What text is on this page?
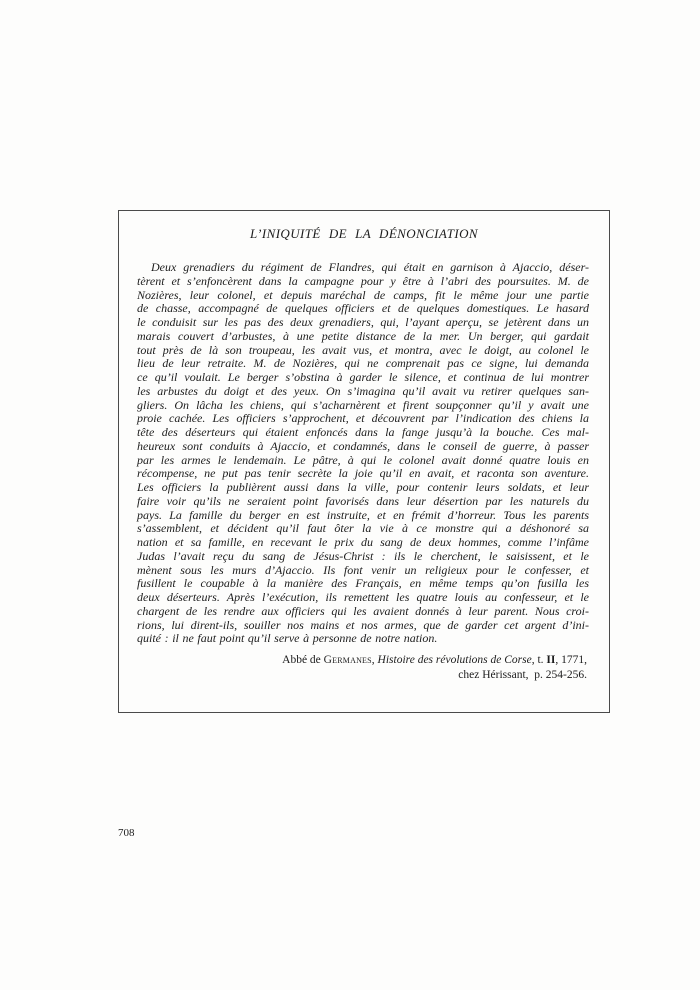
L’INIQUITÉ DE LA DÉNONCIATION
Deux grenadiers du régiment de Flandres, qui était en garnison à Ajaccio, déser-
tèrent et s’enfoncèrent dans la campagne pour y être à l’abri des poursuites. M. de
Nozières, leur colonel, et depuis maréchal de camps, fit le même jour une partie
de chasse, accompagné de quelques officiers et de quelques domestiques. Le hasard
le conduisit sur les pas des deux grenadiers, qui, l’ayant aperçu, se jetèrent dans un
marais couvert d’arbustes, à une petite distance de la mer. Un berger, qui gardait
tout près de là son troupeau, les avait vus, et montra, avec le doigt, au colonel le
lieu de leur retraite. M. de Nozières, qui ne comprenait pas ce signe, lui demanda
ce qu’il voulait. Le berger s’obstina à garder le silence, et continua de lui montrer
les arbustes du doigt et des yeux. On s’imagina qu’il avait vu retirer quelques san-
gliers. On lâcha les chiens, qui s’acharnèrent et firent soupçonner qu’il y avait une
proie cachée. Les officiers s’approchent, et découvrent par l’indication des chiens la
tête des déserteurs qui étaient enfoncés dans la fange jusqu’à la bouche. Ces mal-
heureux sont conduits à Ajaccio, et condamnés, dans le conseil de guerre, à passer
par les armes le lendemain. Le pâtre, à qui le colonel avait donné quatre louis en
récompense, ne put pas tenir secrète la joie qu’il en avait, et raconta son aventure.
Les officiers la publièrent aussi dans la ville, pour contenir leurs soldats, et leur
faire voir qu’ils ne seraient point favorisés dans leur désertion par les naturels du
pays. La famille du berger en est instruite, et en frémit d’horreur. Tous les parents
s’assemblent, et décident qu’il faut ôter la vie à ce monstre qui a déshonoré sa
nation et sa famille, en recevant le prix du sang de deux hommes, comme l’infâme
Judas l’avait reçu du sang de Jésus-Christ : ils le cherchent, le saisissent, et le
mènent sous les murs d’Ajaccio. Ils font venir un religieux pour le confesser, et
fusillent le coupable à la manière des Français, en même temps qu’on fusilla les
deux déserteurs. Après l’exécution, ils remettent les quatre louis au confesseur, et le
chargent de les rendre aux officiers qui les avaient donnés à leur parent. Nous croi-
rions, lui dirent-ils, souiller nos mains et nos armes, que de garder cet argent d’ini-
quité : il ne faut point qu’il serve à personne de notre nation.
Abbé de Germanes, Histoire des révolutions de Corse, t. II, 1771,
chez Hérissant,  p. 254-256.
708
